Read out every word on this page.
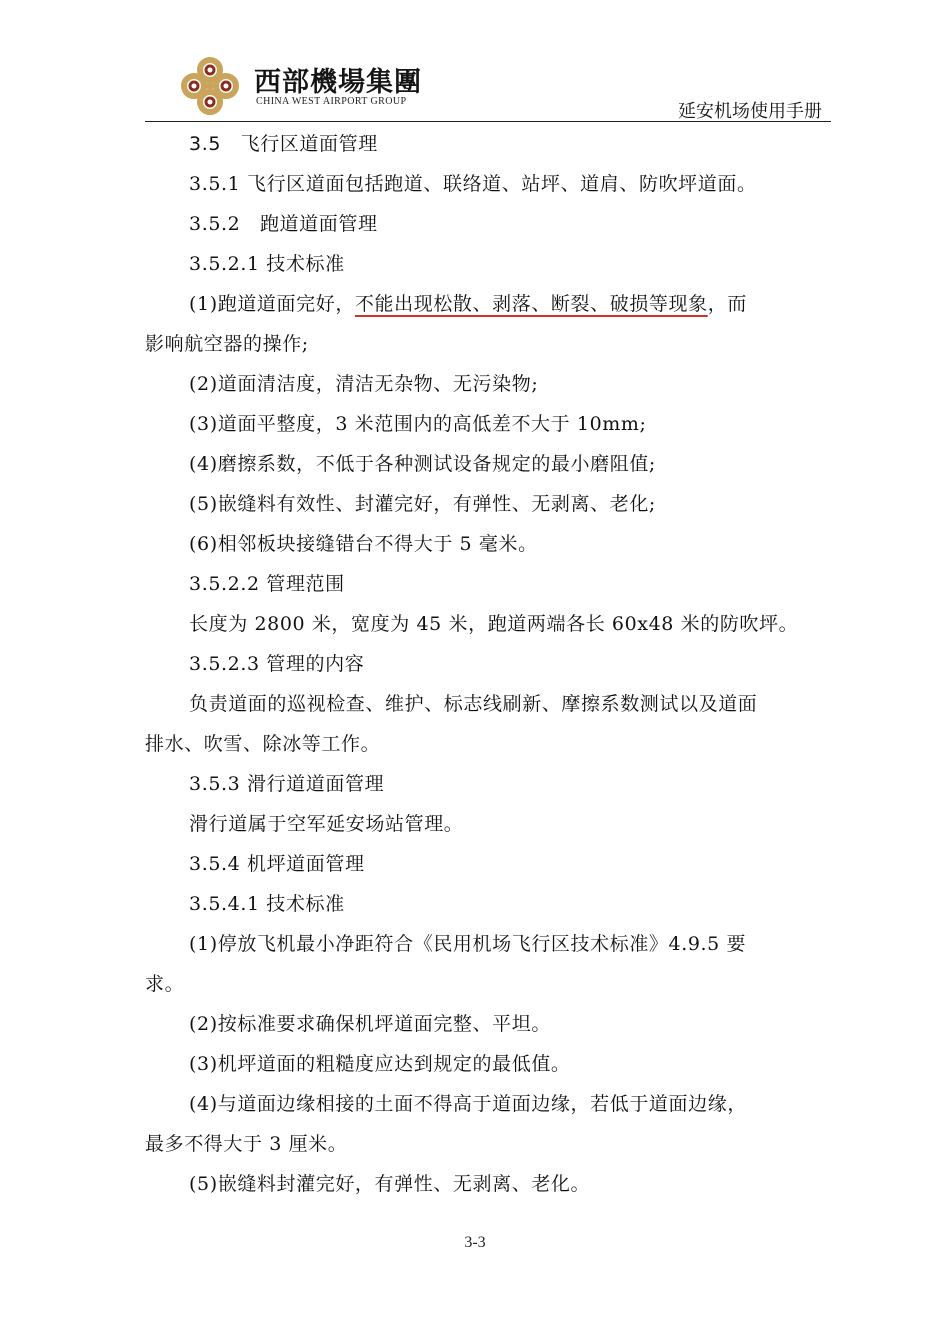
西部機場集團
CHINA WEST AIRPORT GROUP	延安机场使用手册
3.5　飞行区道面管理
3.5.1 飞行区道面包括跑道、联络道、站坪、道肩、防吹坪道面。
3.5.2　跑道道面管理
3.5.2.1 技术标准
(1)跑道道面完好，不能出现松散、剥落、断裂、破损等现象，而
影响航空器的操作;
(2)道面清洁度，清洁无杂物、无污染物;
(3)道面平整度，3 米范围内的高低差不大于 10mm;
(4)磨擦系数，不低于各种测试设备规定的最小磨阻值;
(5)嵌缝料有效性、封灌完好，有弹性、无剥离、老化;
(6)相邻板块接缝错台不得大于 5 毫米。
3.5.2.2 管理范围
长度为 2800 米，宽度为 45 米，跑道两端各长 60x48 米的防吹坪。
3.5.2.3 管理的内容
负责道面的巡视检查、维护、标志线刷新、摩擦系数测试以及道面
排水、吹雪、除冰等工作。
3.5.3 滑行道道面管理
滑行道属于空军延安场站管理。
3.5.4 机坪道面管理
3.5.4.1 技术标准
(1)停放飞机最小净距符合《民用机场飞行区技术标准》4.9.5 要
求。
(2)按标准要求确保机坪道面完整、平坦。
(3)机坪道面的粗糙度应达到规定的最低值。
(4)与道面边缘相接的土面不得高于道面边缘，若低于道面边缘，
最多不得大于 3 厘米。
(5)嵌缝料封灌完好，有弹性、无剥离、老化。
3-3
